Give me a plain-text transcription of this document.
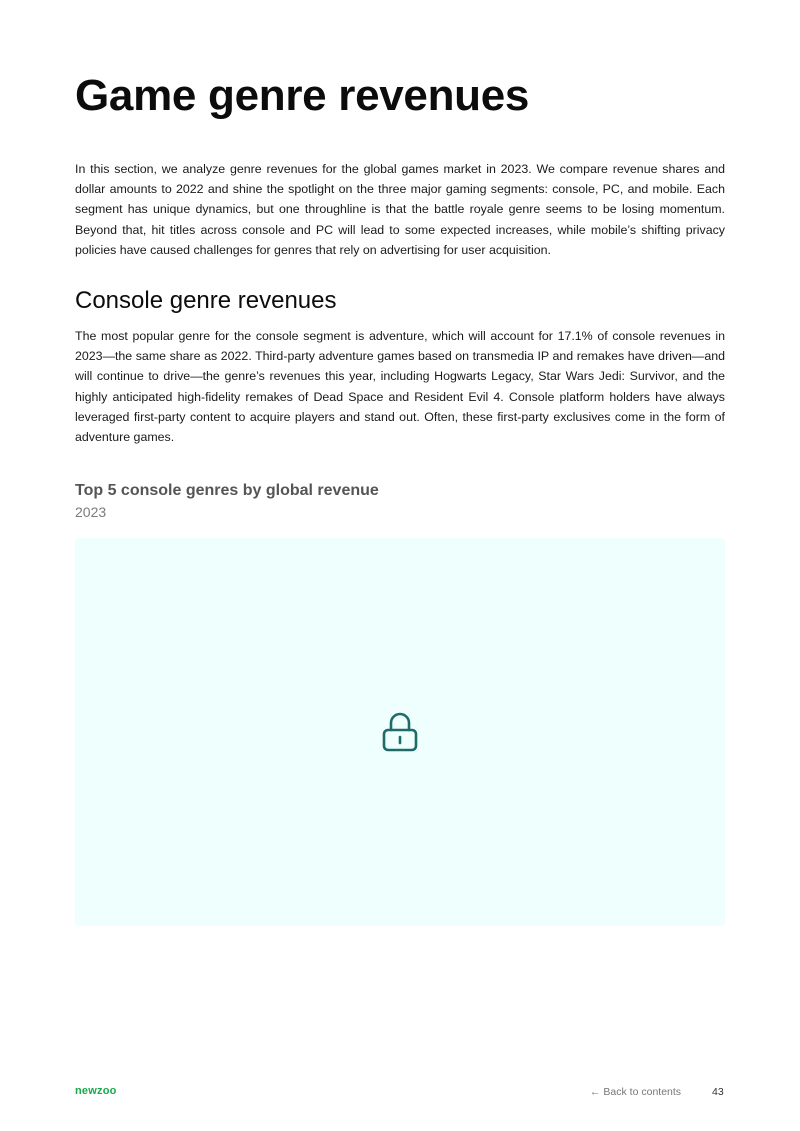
Game genre revenues

In this section, we analyze genre revenues for the global games market in 2023. We compare revenue shares and dollar amounts to 2022 and shine the spotlight on the three major gaming segments: console, PC, and mobile. Each segment has unique dynamics, but one throughline is that the battle royale genre seems to be losing momentum. Beyond that, hit titles across console and PC will lead to some expected increases, while mobile’s shifting privacy policies have caused challenges for genres that rely on advertising for user acquisition.

Console genre revenues

The most popular genre for the console segment is adventure, which will account for 17.1% of console revenues in 2023—the same share as 2022. Third-party adventure games based on transmedia IP and remakes have driven—and will continue to drive—the genre’s revenues this year, including Hogwarts Legacy, Star Wars Jedi: Survivor, and the highly anticipated high-fidelity remakes of Dead Space and Resident Evil 4. Console platform holders have always leveraged first-party content to acquire players and stand out. Often, these first-party exclusives come in the form of adventure games.

Top 5 console genres by global revenue
2023
newzoo	← Back to contents	43
